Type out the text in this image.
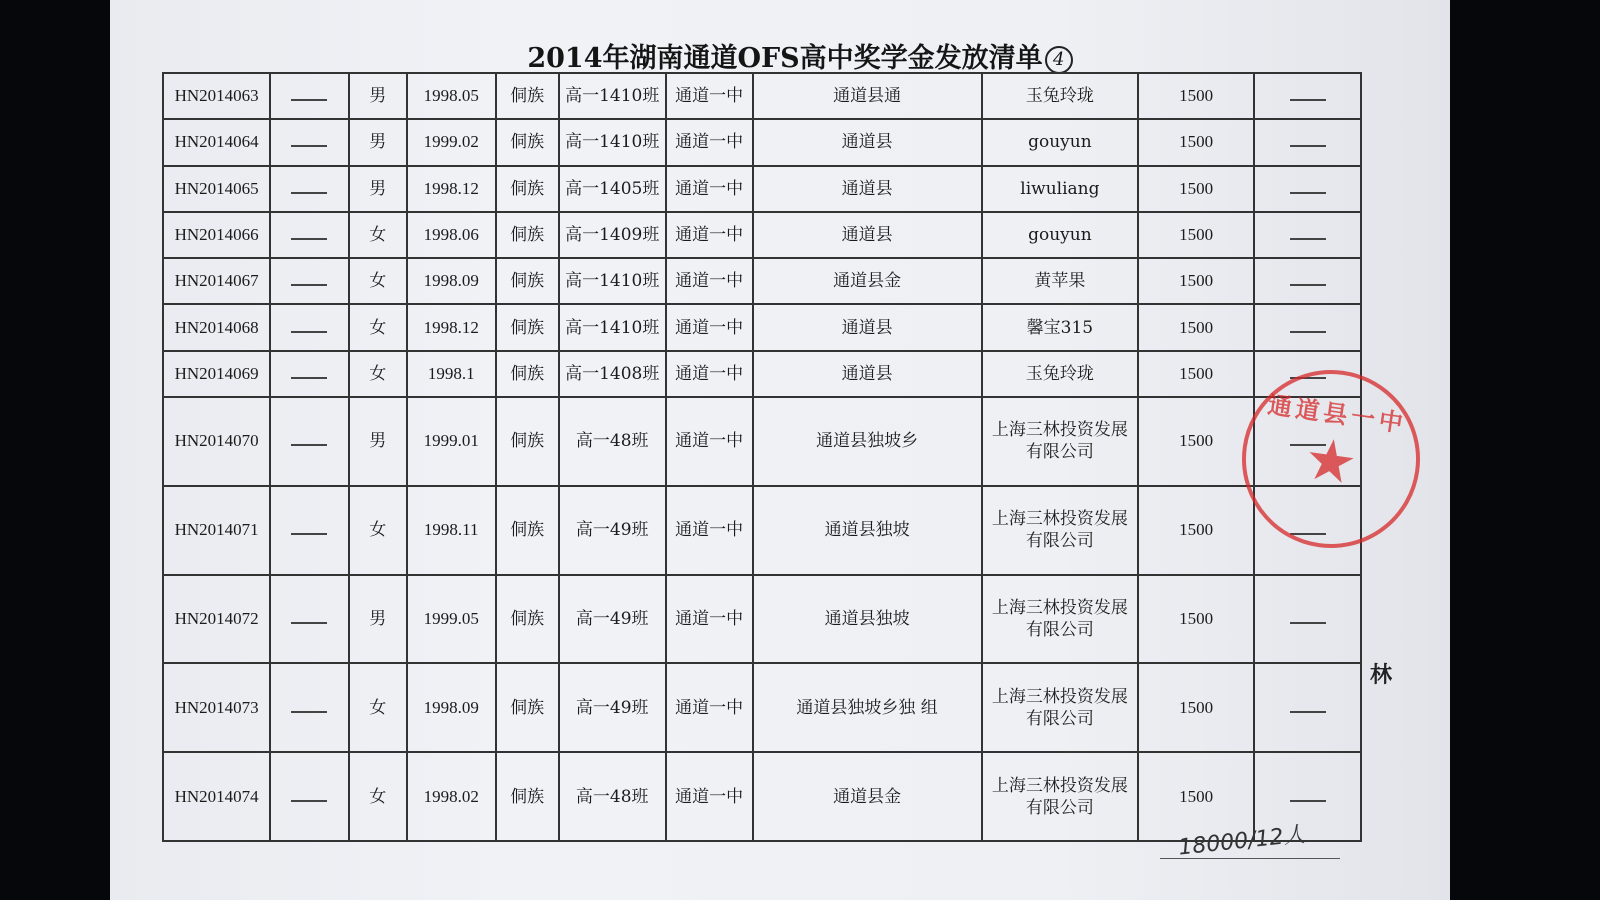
2014年湖南通道OFS高中奖学金发放清单 4
HN2014063		男	1998.05	侗族	高一1410班	通道一中	通道县通	玉兔玲珑	1500	
HN2014064		男	1999.02	侗族	高一1410班	通道一中	通道县	gouyun	1500	
HN2014065		男	1998.12	侗族	高一1405班	通道一中	通道县	liwuliang	1500	
HN2014066		女	1998.06	侗族	高一1409班	通道一中	通道县	gouyun	1500	
HN2014067		女	1998.09	侗族	高一1410班	通道一中	通道县金	黄苹果	1500	
HN2014068		女	1998.12	侗族	高一1410班	通道一中	通道县	馨宝315	1500	
HN2014069		女	1998.1	侗族	高一1408班	通道一中	通道县	玉兔玲珑	1500	
HN2014070		男	1999.01	侗族	高一48班	通道一中	通道县独坡乡	上海三林投资发展有限公司	1500	
HN2014071		女	1998.11	侗族	高一49班	通道一中	通道县独坡	上海三林投资发展有限公司	1500	
HN2014072		男	1999.05	侗族	高一49班	通道一中	通道县独坡	上海三林投资发展有限公司	1500	
HN2014073		女	1998.09	侗族	高一49班	通道一中	通道县独坡乡独 组	上海三林投资发展有限公司	1500	
HN2014074		女	1998.02	侗族	高一48班	通道一中	通道县金	上海三林投资发展有限公司	1500	
通道县一中
★
林
18000/12人
